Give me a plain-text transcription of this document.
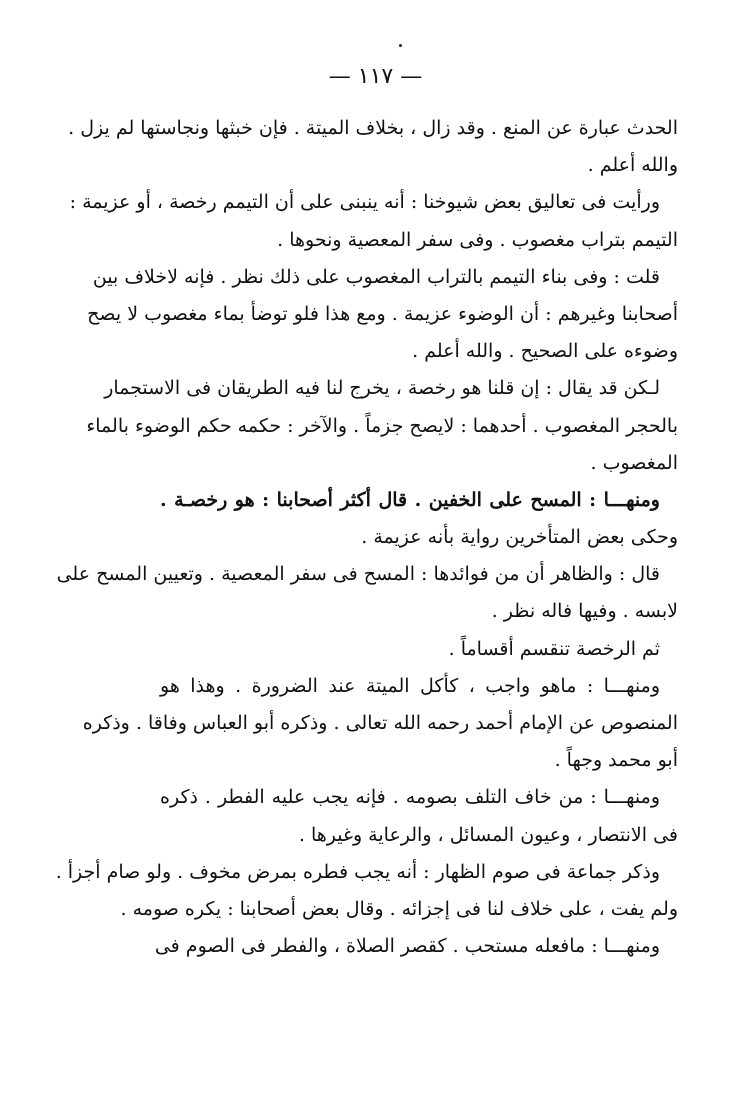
— ١١٧ —
الحدث عبارة عن المنع . وقد زال ، بخلاف الميتة . فإن خبثها ونجاستها لم يزل .
والله أعلم .
ورأيت فى تعاليق بعض شيوخنا : أنه ينبنى على أن التيمم رخصة ، أو عزيمة :
التيمم بتراب مغصوب . وفى سفر المعصية ونحوها .
قلت : وفى بناء التيمم بالتراب المغصوب على ذلك نظر . فإنه لاخلاف بين
أصحابنا وغيرهم : أن الوضوء عزيمة . ومع هذا فلو توضأ بماء مغصوب لا يصح
وضوءه على الصحيح . والله أعلم .
لـكن قد يقال : إن قلنا هو رخصة ، يخرج لنا فيه الطريقان فى الاستجمار
بالحجر المغصوب . أحدهما : لايصح جزماً . والآخر : حكمه حكم الوضوء بالماء
المغصوب .
ومنهـــا : المسح على الخفين . قال أكثر أصحابنا : هو رخصـة .
وحكى بعض المتأخرين رواية بأنه عزيمة .
قال : والظاهر أن من فوائدها : المسح فى سفر المعصية . وتعيين المسح على
لابسه . وفيها فاله نظر .
ثم الرخصة تنقسم أقساماً .
ومنهـــا : ماهو واجب ، كأكل الميتة عند الضرورة . وهذا هو
المنصوص عن الإمام أحمد رحمه الله تعالى . وذكره أبو العباس وفاقا . وذكره
أبو محمد وجهاً .
ومنهـــا : من خاف التلف بصومه . فإنه يجب عليه الفطر . ذكره
فى الانتصار ، وعيون المسائل ، والرعاية وغيرها .
وذكر جماعة فى صوم الظهار : أنه يجب فطره بمرض مخوف . ولو صام أجزأ .
ولم يفت ، على خلاف لنا فى إجزائه . وقال بعض أصحابنا : يكره صومه .
ومنهـــا : مافعله مستحب . كقصر الصلاة ، والفطر فى الصوم فى
